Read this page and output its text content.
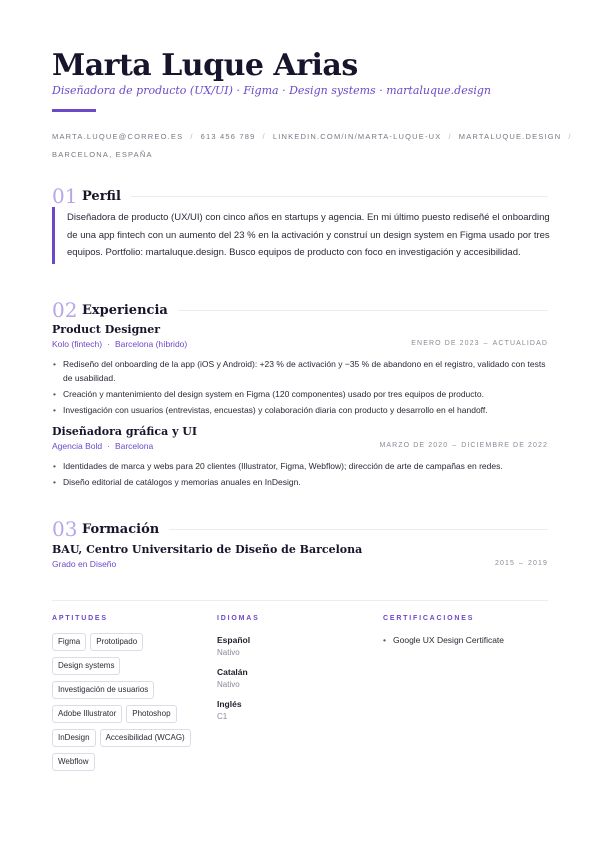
Marta Luque Arias
Diseñadora de producto (UX/UI) · Figma · Design systems · martaluque.design
MARTA.LUQUE@CORREO.ES / 613 456 789 / LINKEDIN.COM/IN/MARTA-LUQUE-UX / MARTALUQUE.DESIGN /
BARCELONA, ESPAÑA
01 Perfil
Diseñadora de producto (UX/UI) con cinco años en startups y agencia. En mi último puesto rediseñé el onboarding de una app fintech con un aumento del 23 % en la activación y construí un design system en Figma usado por tres equipos. Portfolio: martaluque.design. Busco equipos de producto con foco en investigación y accesibilidad.
02 Experiencia
Product Designer
Kolo (fintech) · Barcelona (híbrido)	ENERO DE 2023 – ACTUALIDAD
• Rediseño del onboarding de la app (iOS y Android): +23 % de activación y −35 % de abandono en el registro, validado con tests de usabilidad.
• Creación y mantenimiento del design system en Figma (120 componentes) usado por tres equipos de producto.
• Investigación con usuarios (entrevistas, encuestas) y colaboración diaria con producto y desarrollo en el handoff.
Diseñadora gráfica y UI
Agencia Bold · Barcelona	MARZO DE 2020 – DICIEMBRE DE 2022
• Identidades de marca y webs para 20 clientes (Illustrator, Figma, Webflow); dirección de arte de campañas en redes.
• Diseño editorial de catálogos y memorias anuales en InDesign.
03 Formación
BAU, Centro Universitario de Diseño de Barcelona
Grado en Diseño	2015 – 2019
APTITUDES	IDIOMAS	CERTIFICACIONES
Figma	Prototipado
Design systems
Investigación de usuarios
Adobe Illustrator	Photoshop
InDesign	Accesibilidad (WCAG)
Webflow
Español
Nativo
Catalán
Nativo
Inglés
C1
• Google UX Design Certificate
